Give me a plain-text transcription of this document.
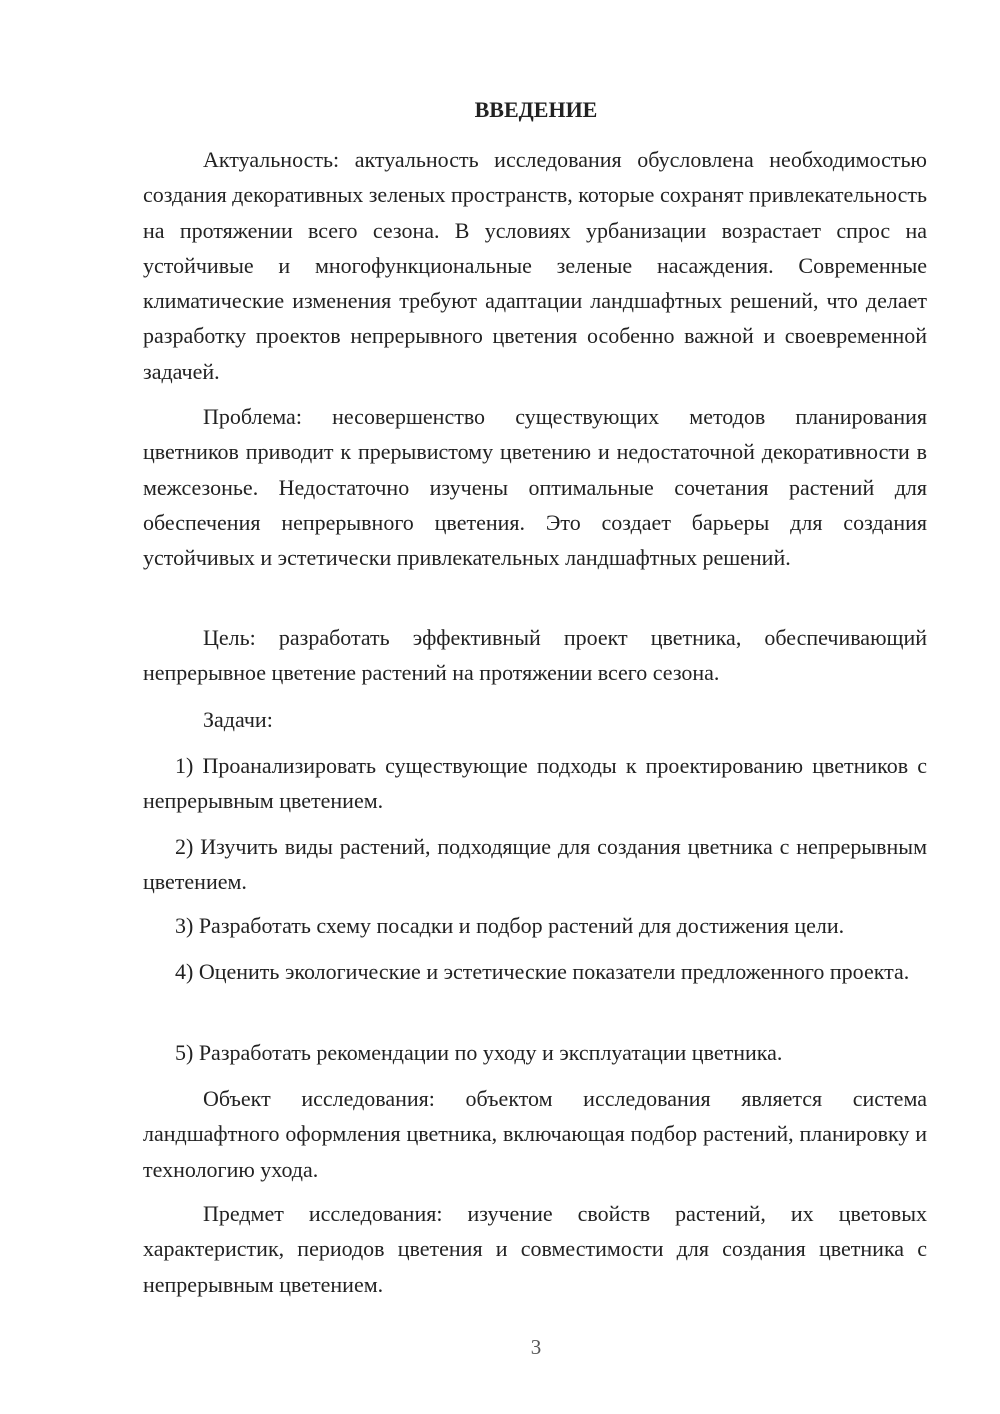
ВВЕДЕНИЕ

Актуальность: актуальность исследования обусловлена необходимостью создания декоративных зеленых пространств, которые сохранят привлекательность на протяжении всего сезона. В условиях урбанизации возрастает спрос на устойчивые и многофункциональные зеленые насаждения. Современные климатические изменения требуют адаптации ландшафтных решений, что делает разработку проектов непрерывного цветения особенно важной и своевременной задачей.

Проблема: несовершенство существующих методов планирования цветников приводит к прерывистому цветению и недостаточной декоративности в межсезонье. Недостаточно изучены оптимальные сочетания растений для обеспечения непрерывного цветения. Это создает барьеры для создания устойчивых и эстетически привлекательных ландшафтных решений.

Цель: разработать эффективный проект цветника, обеспечивающий непрерывное цветение растений на протяжении всего сезона.

Задачи:

1) Проанализировать существующие подходы к проектированию цветников с непрерывным цветением.

2) Изучить виды растений, подходящие для создания цветника с непрерывным цветением.

3) Разработать схему посадки и подбор растений для достижения цели.

4) Оценить экологические и эстетические показатели предложенного проекта.

5) Разработать рекомендации по уходу и эксплуатации цветника.

Объект исследования: объектом исследования является система ландшафтного оформления цветника, включающая подбор растений, планировку и технологию ухода.

Предмет исследования: изучение свойств растений, их цветовых характеристик, периодов цветения и совместимости для создания цветника с непрерывным цветением.

3
